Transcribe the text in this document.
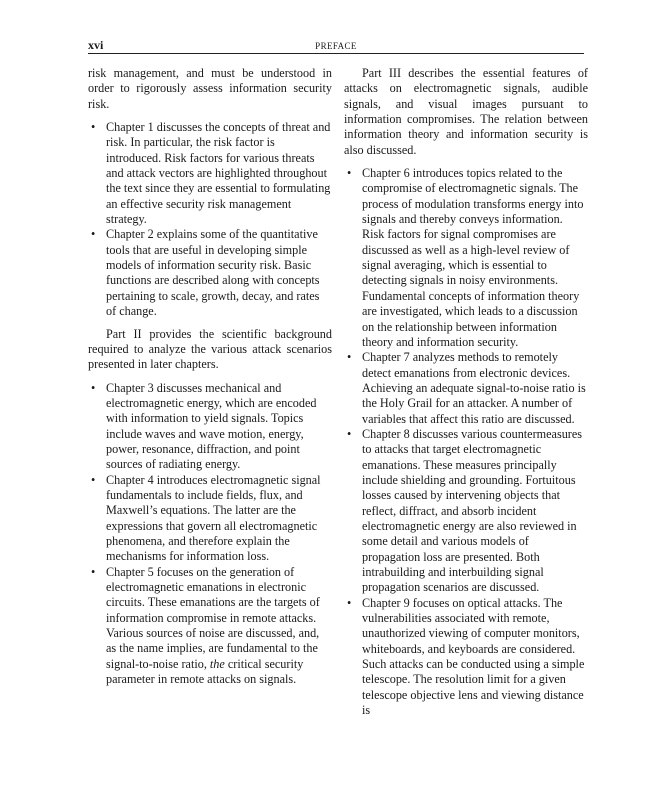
xvi	PREFACE

risk management, and must be understood in order to rigorously assess information security risk.

• Chapter 1 discusses the concepts of threat and risk. In particular, the risk factor is introduced. Risk factors for various threats and attack vectors are highlighted throughout the text since they are essential to formulating an effective security risk management strategy.
• Chapter 2 explains some of the quantitative tools that are useful in developing simple models of information security risk. Basic functions are described along with concepts pertaining to scale, growth, decay, and rates of change.

Part II provides the scientific background required to analyze the various attack scenarios presented in later chapters.

• Chapter 3 discusses mechanical and electromagnetic energy, which are encoded with information to yield signals. Topics include waves and wave motion, energy, power, resonance, diffraction, and point sources of radiating energy.
• Chapter 4 introduces electromagnetic signal fundamentals to include fields, flux, and Maxwell’s equations. The latter are the expressions that govern all electromagnetic phenomena, and therefore explain the mechanisms for information loss.
• Chapter 5 focuses on the generation of electromagnetic emanations in electronic circuits. These emanations are the targets of information compromise in remote attacks. Various sources of noise are discussed, and, as the name implies, are fundamental to the signal-to-noise ratio, the critical security parameter in remote attacks on signals.

Part III describes the essential features of attacks on electromagnetic signals, audible signals, and visual images pursuant to information compromises. The relation between information theory and information security is also discussed.

• Chapter 6 introduces topics related to the compromise of electromagnetic signals. The process of modulation transforms energy into signals and thereby conveys information. Risk factors for signal compromises are discussed as well as a high-level review of signal averaging, which is essential to detecting signals in noisy environments. Fundamental concepts of information theory are investigated, which leads to a discussion on the relationship between information theory and information security.
• Chapter 7 analyzes methods to remotely detect emanations from electronic devices. Achieving an adequate signal-to-noise ratio is the Holy Grail for an attacker. A number of variables that affect this ratio are discussed.
• Chapter 8 discusses various countermeasures to attacks that target electromagnetic emanations. These measures principally include shielding and grounding. Fortuitous losses caused by intervening objects that reflect, diffract, and absorb incident electromagnetic energy are also reviewed in some detail and various models of propagation loss are presented. Both intrabuilding and interbuilding signal propagation scenarios are discussed.
• Chapter 9 focuses on optical attacks. The vulnerabilities associated with remote, unauthorized viewing of computer monitors, whiteboards, and keyboards are considered. Such attacks can be conducted using a simple telescope. The resolution limit for a given telescope objective lens and viewing distance is
